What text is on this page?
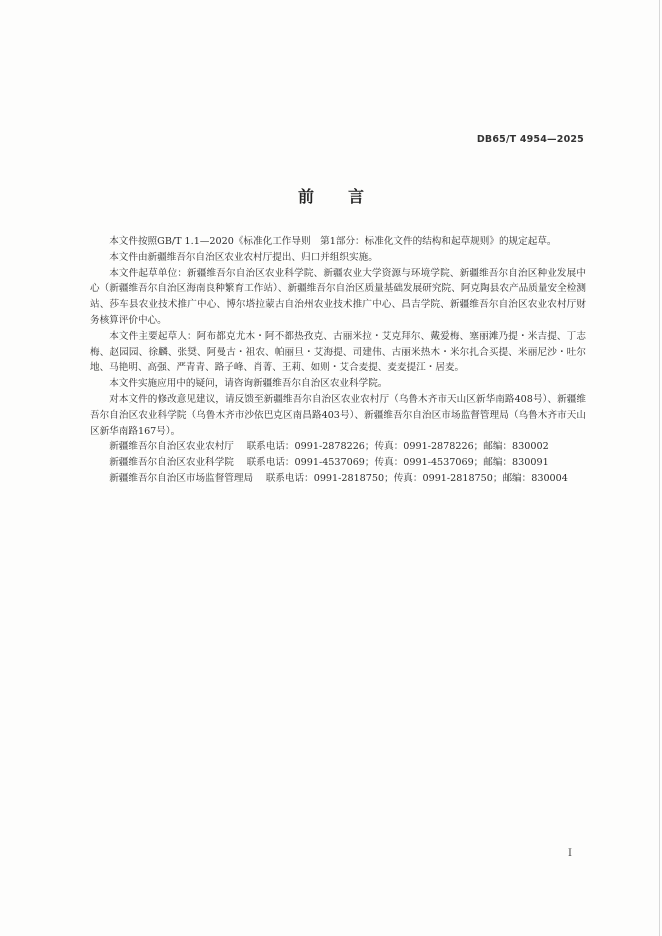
DB65/T 4954—2025
前言

本文件按照GB/T 1.1—2020《标准化工作导则　第1部分：标准化文件的结构和起草规则》的规定起草。

本文件由新疆维吾尔自治区农业农村厅提出、归口并组织实施。

本文件起草单位：新疆维吾尔自治区农业科学院、新疆农业大学资源与环境学院、新疆维吾尔自治区种业发展中心（新疆维吾尔自治区海南良种繁育工作站）、新疆维吾尔自治区质量基础发展研究院、阿克陶县农产品质量安全检测站、莎车县农业技术推广中心、博尔塔拉蒙古自治州农业技术推广中心、昌吉学院、新疆维吾尔自治区农业农村厅财务核算评价中心。

本文件主要起草人：阿布都克尤木・阿不都热孜克、古丽米拉・艾克拜尔、戴爱梅、塞丽滩乃提・米吉提、丁志梅、赵园园、徐麟、张奨、阿曼古・祖农、帕丽旦・艾海提、司建伟、古丽米热木・米尔扎合买提、米丽尼沙・吐尔地、马艳明、高强、严青青、路子峰、肖菁、王莉、如则・艾合麦提、麦麦提江・居麦。

本文件实施应用中的疑问，请咨询新疆维吾尔自治区农业科学院。

对本文件的修改意见建议，请反馈至新疆维吾尔自治区农业农村厅（乌鲁木齐市天山区新华南路408号）、新疆维吾尔自治区农业科学院（乌鲁木齐市沙依巴克区南昌路403号）、新疆维吾尔自治区市场监督管理局（乌鲁木齐市天山区新华南路167号）。

新疆维吾尔自治区农业农村厅　 联系电话：0991-2878226；传真：0991-2878226；邮编：830002

新疆维吾尔自治区农业科学院　 联系电话：0991-4537069；传真：0991-4537069；邮编：830091

新疆维吾尔自治区市场监督管理局　 联系电话：0991-2818750；传真：0991-2818750；邮编：830004

I
